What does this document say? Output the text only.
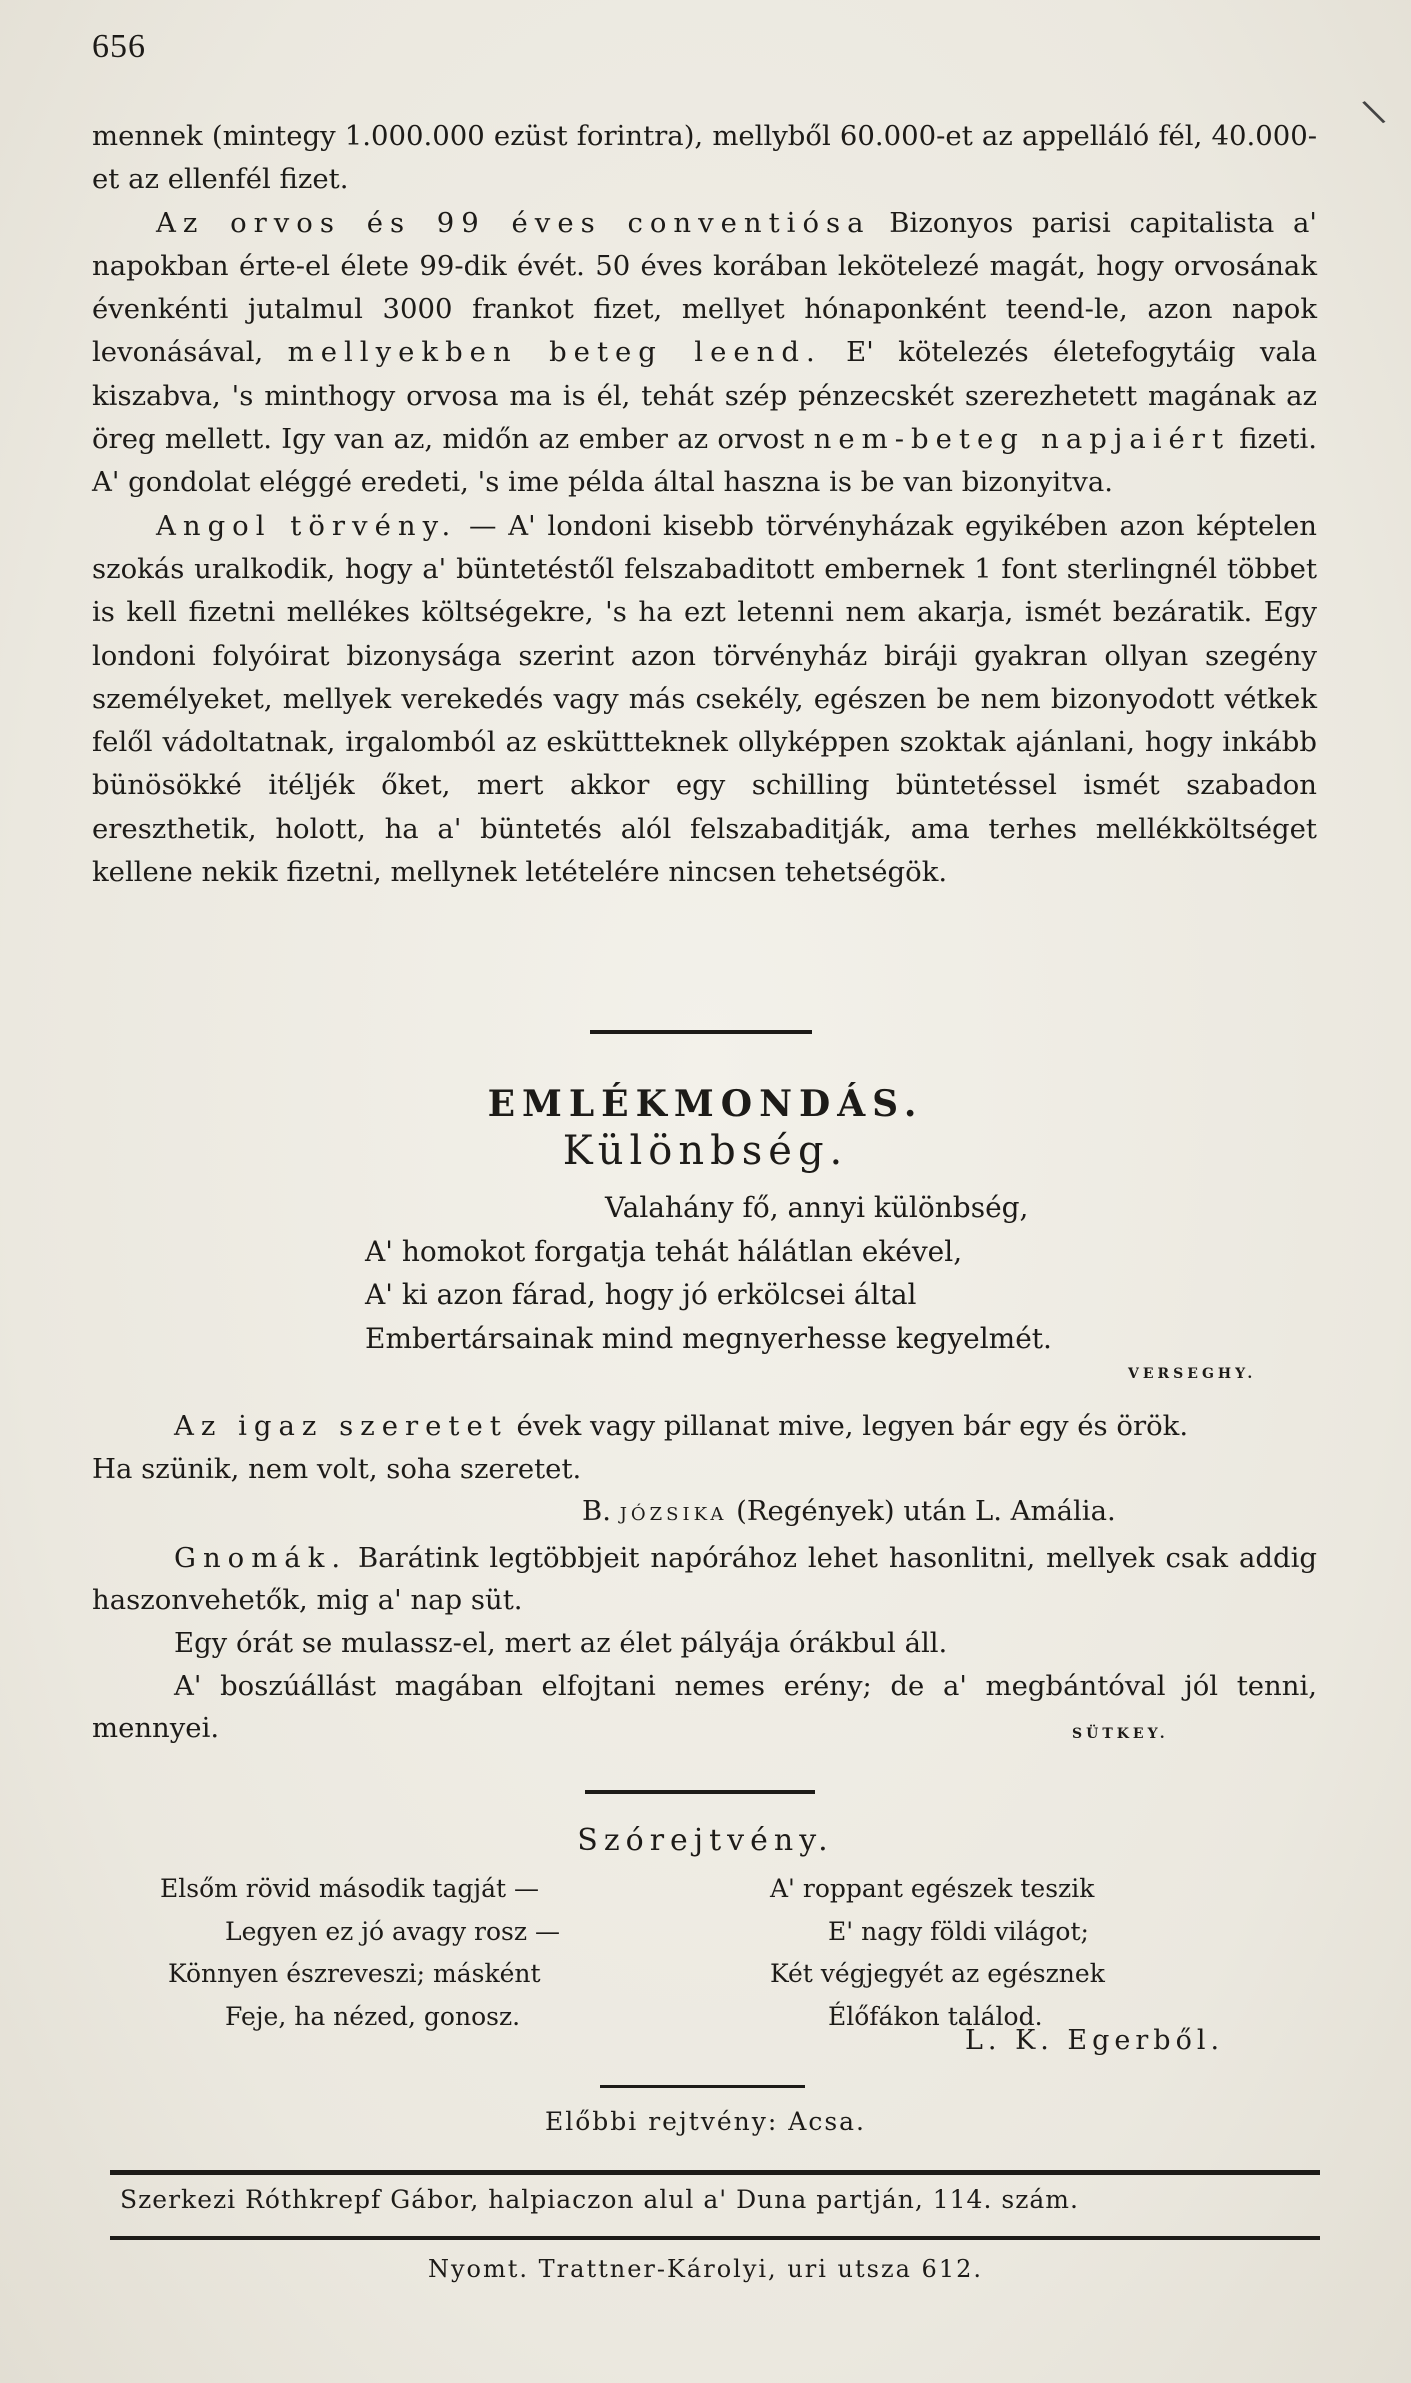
656
\

mennek (mintegy 1.000.000 ezüst forintra), mellyből 60.000-et az appelláló fél, 40.000-et az ellenfél fizet.

Az orvos és 99 éves conventiósa Bizonyos parisi capitalista a' napokban érte-el élete 99-dik évét. 50 éves korában lekötelezé magát, hogy orvosának évenkénti jutalmul 3000 frankot fizet, mellyet hónaponként teend-le, azon napok levonásával, mellyekben beteg leend. E' kötelezés életefogytáig vala kiszabva, 's minthogy orvosa ma is él, tehát szép pénzecskét szerezhetett magának az öreg mellett. Igy van az, midőn az ember az orvost nem-beteg napjaiért fizeti. A' gondolat eléggé eredeti, 's ime példa által haszna is be van bizonyitva.

Angol törvény. — A' londoni kisebb törvényházak egyikében azon képtelen szokás uralkodik, hogy a' büntetéstől felszabaditott embernek 1 font sterlingnél többet is kell fizetni mellékes költségekre, 's ha ezt letenni nem akarja, ismét bezáratik. Egy londoni folyóirat bizonysága szerint azon törvényház biráji gyakran ollyan szegény személyeket, mellyek verekedés vagy más csekély, egészen be nem bizonyodott vétkek felől vádoltatnak, irgalomból az esküttteknek ollyképpen szoktak ajánlani, hogy inkább bünösökké itéljék őket, mert akkor egy schilling büntetéssel ismét szabadon ereszthetik, holott, ha a' büntetés alól felszabaditják, ama terhes mellékköltséget kellene nekik fizetni, mellynek letételére nincsen tehetségök.

EMLÉKMONDÁS.
Különbség.
Valahány fő, annyi különbség,
A' homokot forgatja tehát hálátlan ekével,
A' ki azon fárad, hogy jó erkölcsei által
Embertársainak mind megnyerhesse kegyelmét.
VERSEGHY.

Az igaz szeretet évek vagy pillanat mive, legyen bár egy és örök.

Ha szünik, nem volt, soha szeretet.

B. JÓZSIKA (Regények) után L. Amália.

Gnomák. Barátink legtöbbjeit napórához lehet hasonlitni, mellyek csak addig haszonvehetők, mig a' nap süt.

Egy órát se mulassz-el, mert az élet pályája órákbul áll.

A' boszúállást magában elfojtani nemes erény; de a' megbántóval jól tenni, mennyei.	SÜTKEY.
Szórejtvény.
Elsőm rövid második tagját —
Legyen ez jó avagy rosz —
Könnyen észreveszi; másként
Feje, ha nézed, gonosz.
A' roppant egészek teszik
E' nagy földi világot;
Két végjegyét az egésznek
Élőfákon találod.
L. K. Egerből.
Előbbi rejtvény: Acsa.
Szerkezi Róthkrepf Gábor, halpiaczon alul a' Duna partján, 114. szám.
Nyomt. Trattner-Károlyi, uri utsza 612.
